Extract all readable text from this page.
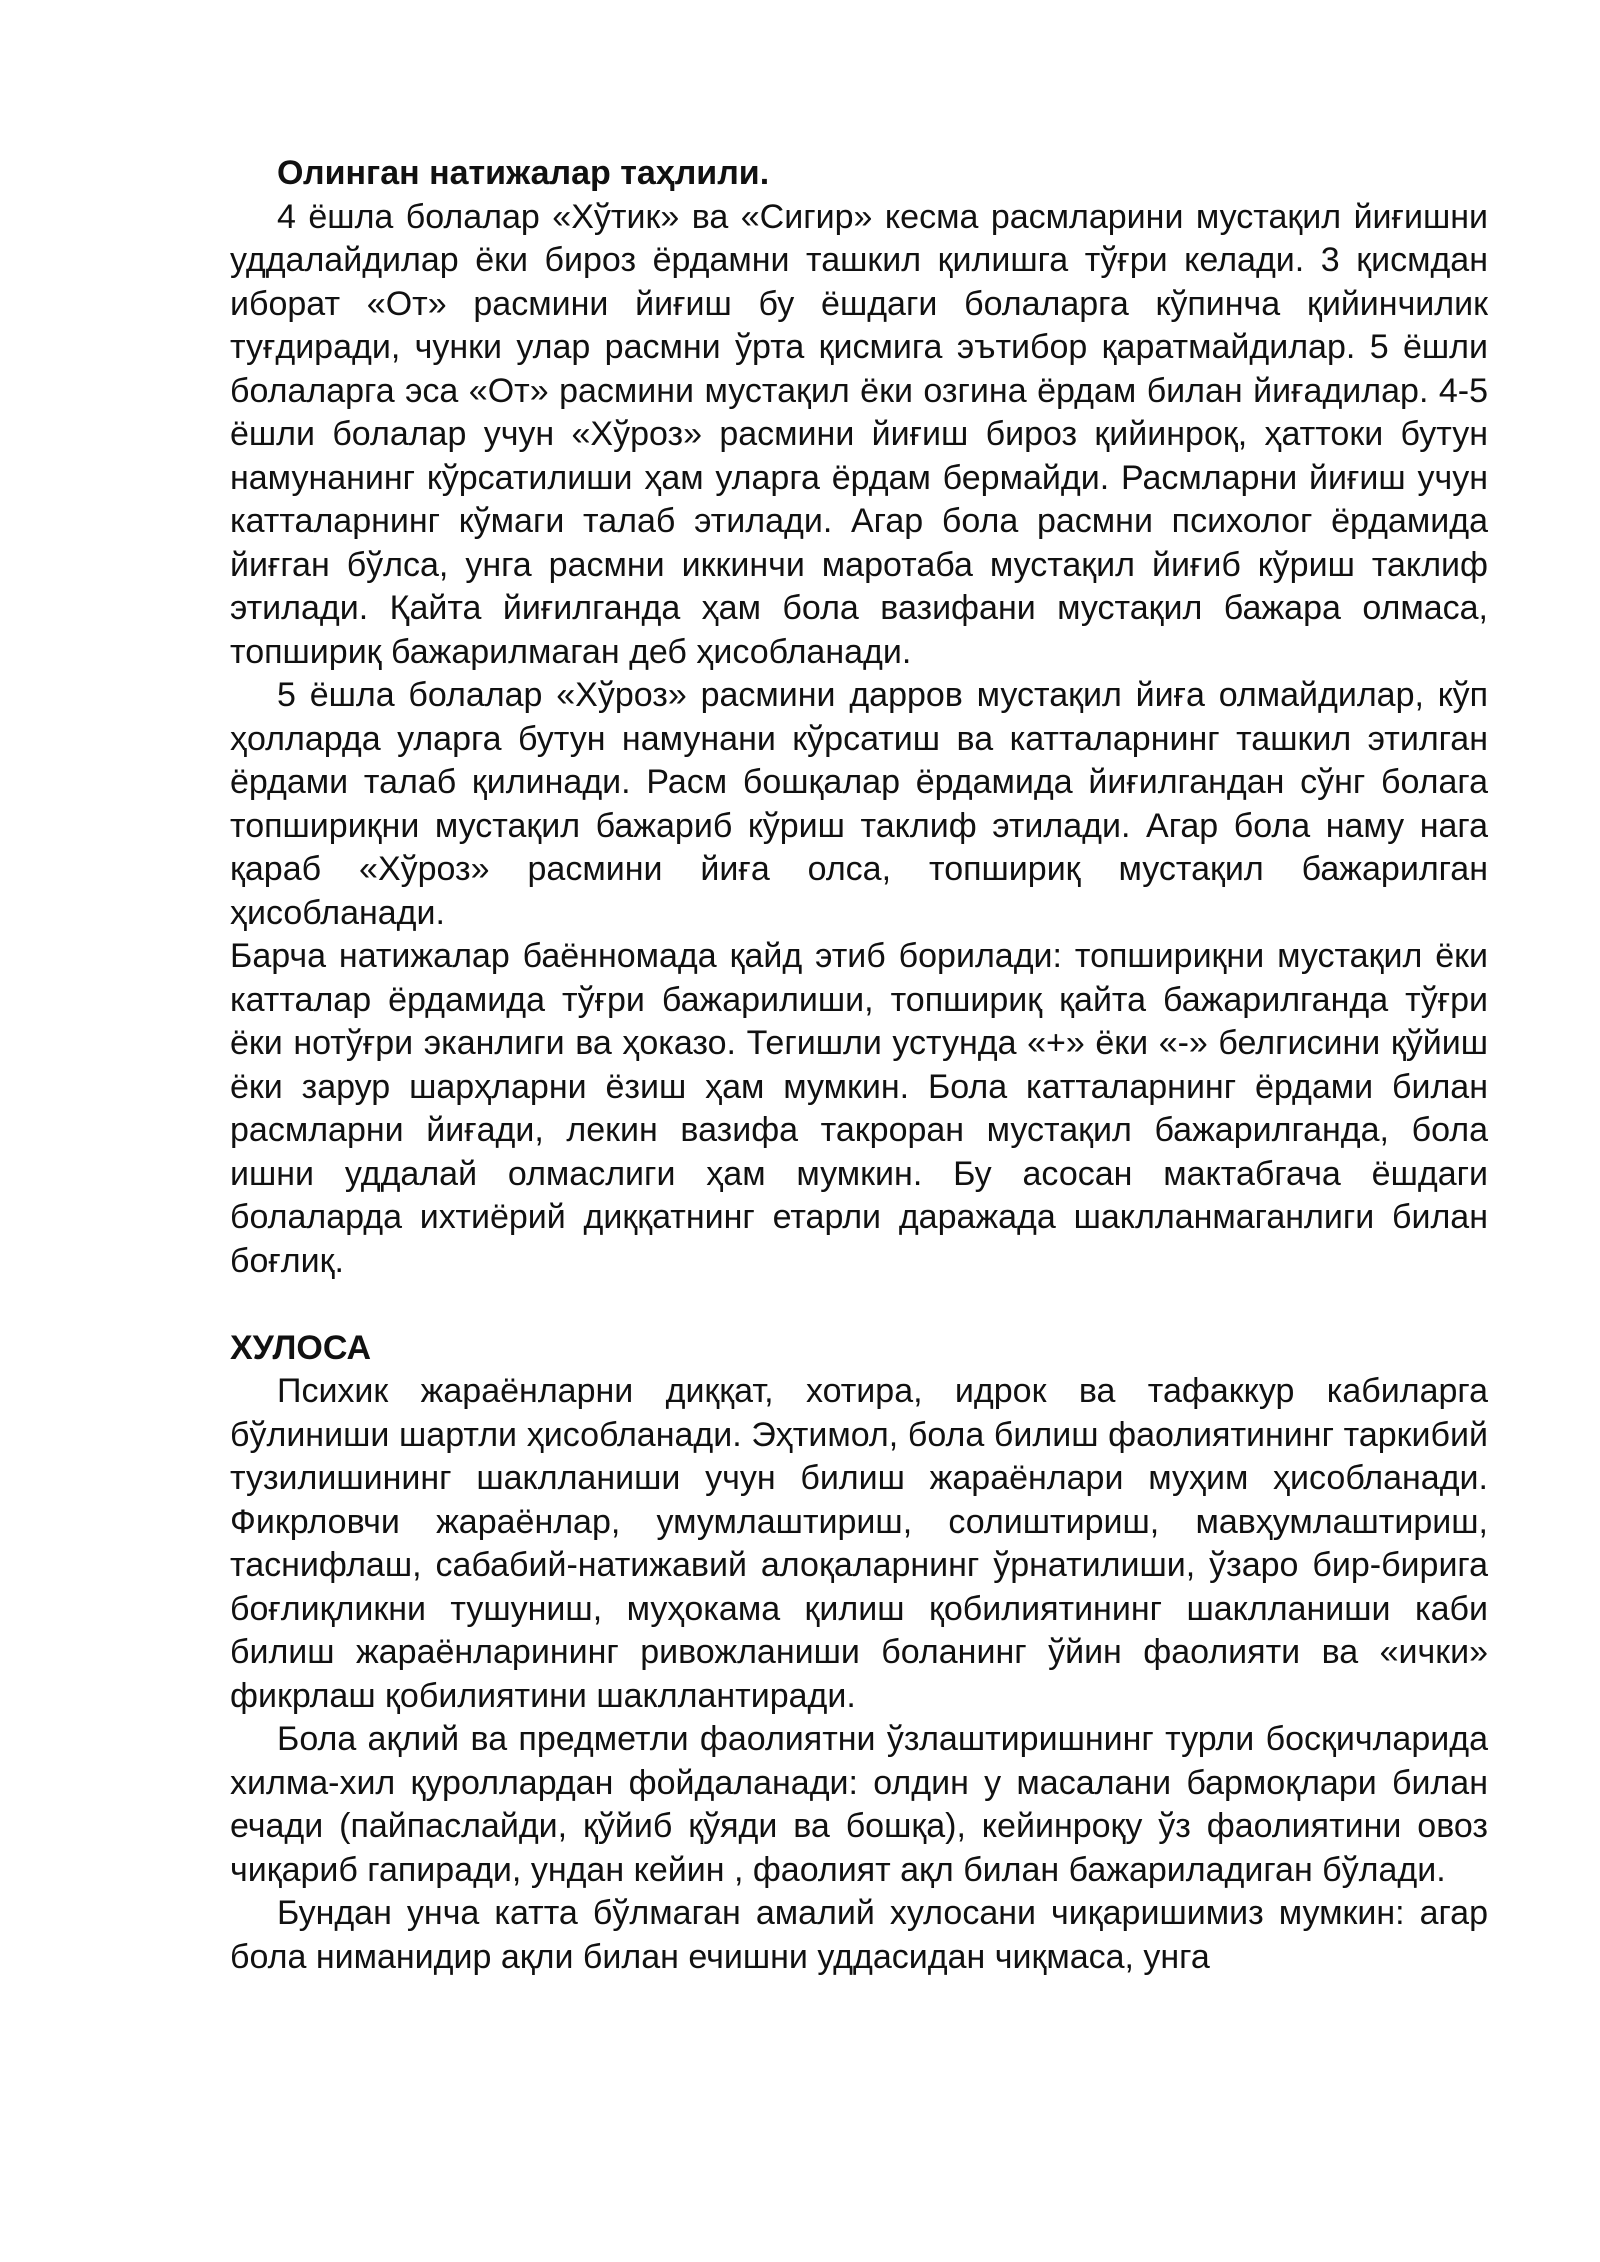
Олинган натижалар таҳлили.

4 ёшла болалар «Хўтик» ва «Сигир» кесма расмларини мустақил йиғишни уддалайдилар ёки бироз ёрдамни ташкил қилишга тўғри келади. 3 қисмдан иборат «От» расмини йиғиш бу ёшдаги болаларга кўпинча қийинчилик туғдиради, чунки улар расмни ўрта қисмига эътибор қаратмайдилар. 5 ёшли болаларга эса «От» расмини мустақил ёки озгина ёрдам билан йиғадилар. 4-5 ёшли болалар учун «Хўроз» расмини йиғиш бироз қийинроқ, ҳаттоки бутун намунанинг кўрсатилиши ҳам уларга ёрдам бермайди. Расмларни йиғиш учун катталарнинг кўмаги талаб этилади. Агар бола расмни психолог ёрдамида йиғган бўлса, унга расмни иккинчи маротаба мустақил йиғиб кўриш таклиф этилади. Қайта йиғилганда ҳам бола вазифани мустақил бажара олмаса, топшириқ бажарилмаган деб ҳисобланади.

5 ёшла болалар «Хўроз» расмини дарров мустақил йиға олмайдилар, кўп ҳолларда уларга бутун намунани кўрсатиш ва катталарнинг ташкил этилган ёрдами талаб қилинади. Расм бошқалар ёрдамида йиғилгандан сўнг болага топшириқни мустақил бажариб кўриш таклиф этилади. Агар бола наму нага қараб «Хўроз» расмини йиға олса, топшириқ мустақил бажарилган ҳисобланади.

Барча натижалар баённомада қайд этиб борилади: топшириқни мустақил ёки катталар ёрдамида тўғри бажарилиши, топшириқ қайта бажарилганда тўғри ёки нотўғри эканлиги ва ҳоказо. Тегишли устунда «+» ёки «-» белгисини қўйиш ёки зарур шарҳларни ёзиш ҳам мумкин. Бола катталарнинг ёрдами билан расмларни йиғади, лекин вазифа такроран мустақил бажарилганда, бола ишни уддалай олмаслиги ҳам мумкин. Бу асосан мактабгача ёшдаги болаларда ихтиёрий диққатнинг етарли даражада шаклланмаганлиги билан боғлиқ.

ХУЛОСА

Психик жараёнларни диққат, хотира, идрок ва тафаккур кабиларга бўлиниши шартли ҳисобланади. Эҳтимол, бола билиш фаолиятининг таркибий тузилишининг шаклланиши учун билиш жараёнлари муҳим ҳисобланади. Фикрловчи жараёнлар, умумлаштириш, солиштириш, мавҳумлаштириш, таснифлаш, сабабий-натижавий алоқаларнинг ўрнатилиши, ўзаро бир-бирига боғлиқликни тушуниш, муҳокама қилиш қобилиятининг шаклланиши каби билиш жараёнларининг ривожланиши боланинг ўйин фаолияти ва «ички» фикрлаш қобилиятини шакллантиради.

Бола ақлий ва предметли фаолиятни ўзлаштиришнинг турли босқичларида хилма-хил қуроллардан фойдаланади: олдин у масалани бармоқлари билан ечади (пайпаслайди, қўйиб қўяди ва бошқа), кейинроқу ўз фаолиятини овоз чиқариб гапиради, ундан кейин , фаолият ақл билан бажариладиган бўлади.

Бундан унча катта бўлмаган амалий хулосани чиқаришимиз мумкин: агар бола ниманидир ақли билан ечишни уддасидан чиқмаса, унга
